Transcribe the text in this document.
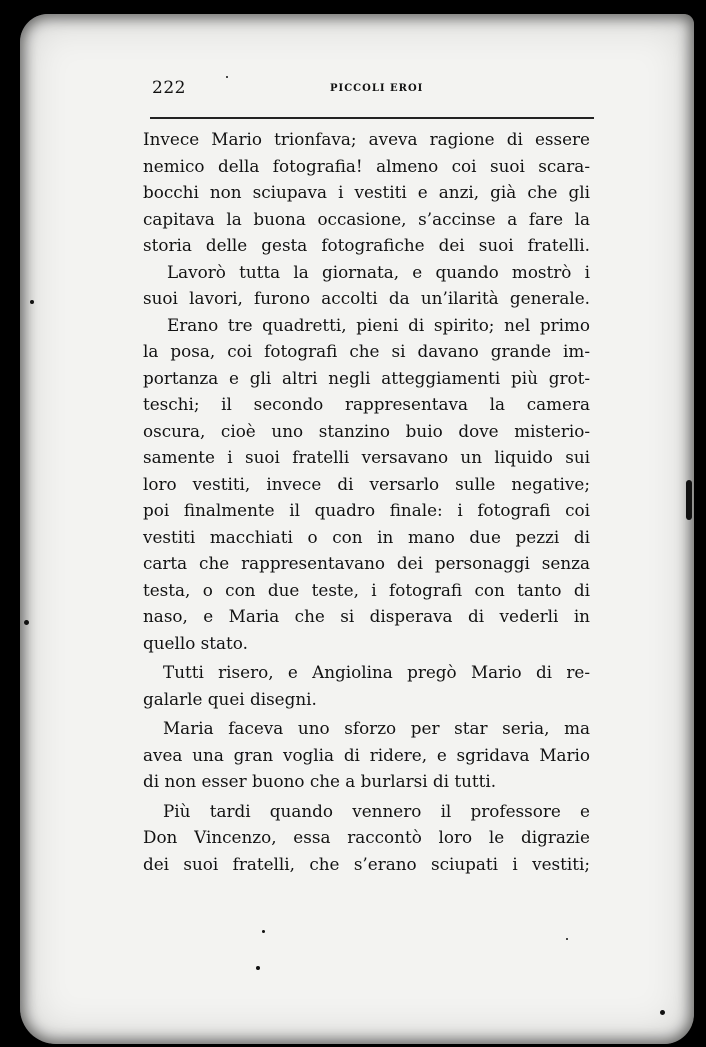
222	PICCOLI EROI
Invece Mario trionfava; aveva ragione di essere
nemico della fotografia! almeno coi suoi scara-
bocchi non sciupava i vestiti e anzi, già che gli
capitava la buona occasione, s’accinse a fare la
storia delle gesta fotografiche dei suoi fratelli.
Lavorò tutta la giornata, e quando mostrò i
suoi lavori, furono accolti da un’ilarità generale.
Erano tre quadretti, pieni di spirito; nel primo
la posa, coi fotografi che si davano grande im-
portanza e gli altri negli atteggiamenti più grot-
teschi; il secondo rappresentava la camera
oscura, cioè uno stanzino buio dove misterio-
samente i suoi fratelli versavano un liquido sui
loro vestiti, invece di versarlo sulle negative;
poi finalmente il quadro finale: i fotografi coi
vestiti macchiati o con in mano due pezzi di
carta che rappresentavano dei personaggi senza
testa, o con due teste, i fotografi con tanto di
naso, e Maria che si disperava di vederli in
quello stato.
Tutti risero, e Angiolina pregò Mario di re-
galarle quei disegni.
Maria faceva uno sforzo per star seria, ma
avea una gran voglia di ridere, e sgridava Mario
di non esser buono che a burlarsi di tutti.
Più tardi quando vennero il professore e
Don Vincenzo, essa raccontò loro le digrazie
dei suoi fratelli, che s’erano sciupati i vestiti;
